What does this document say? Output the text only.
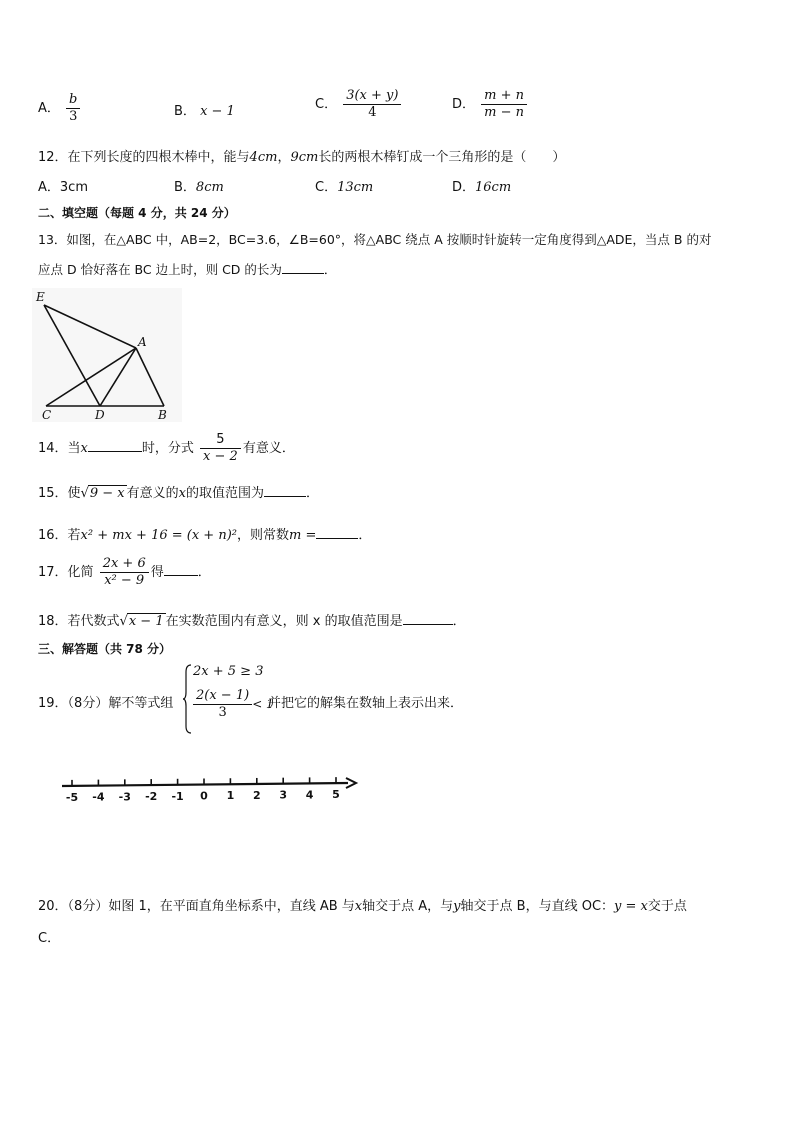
A． $\frac{b}{3}$	B． x − 1	C． $\frac{3(x + y)}{4}$	D． $\frac{m + n}{m - n}$
12．在下列长度的四根木棒中，能与4cm，9cm长的两根木棒钉成一个三角形的是（　　）
A．3cm	B．8cm	C．13cm	D．16cm
二、填空题（每题 4 分，共 24 分）
13．如图，在△ABC 中，AB=2，BC=3.6，∠B=60°，将△ABC 绕点 A 按顺时针旋转一定角度得到△ADE，当点 B 的对
应点 D 恰好落在 BC 边上时，则 CD 的长为	．
E
A
C	D	B
14．当x	时，分式 $\frac{5}{x - 2}$ 有意义．
15．使√9 − x 有意义的x的取值范围为	．
16．若x² + mx + 16 = (x + n)²，则常数m =	．
17．化简 $\frac{2x + 6}{\text{x² − 9}}$ 得	．
18．若代数式√x − 1 在实数范围内有意义，则 x 的取值范围是	．
三、解答题（共 78 分）
19．（8分）解不等式组
2x + 5 ≥ 3
$\frac{2(x - 1)}{3} < 1$
并把它的解集在数轴上表示出来．
-5 -4 -3 -2 -1 0 1 2 3 4 5
20．（8分）如图 1，在平面直角坐标系中，直线 AB 与x轴交于点 A，与y轴交于点 B，与直线 OC：y = x交于点
C．
